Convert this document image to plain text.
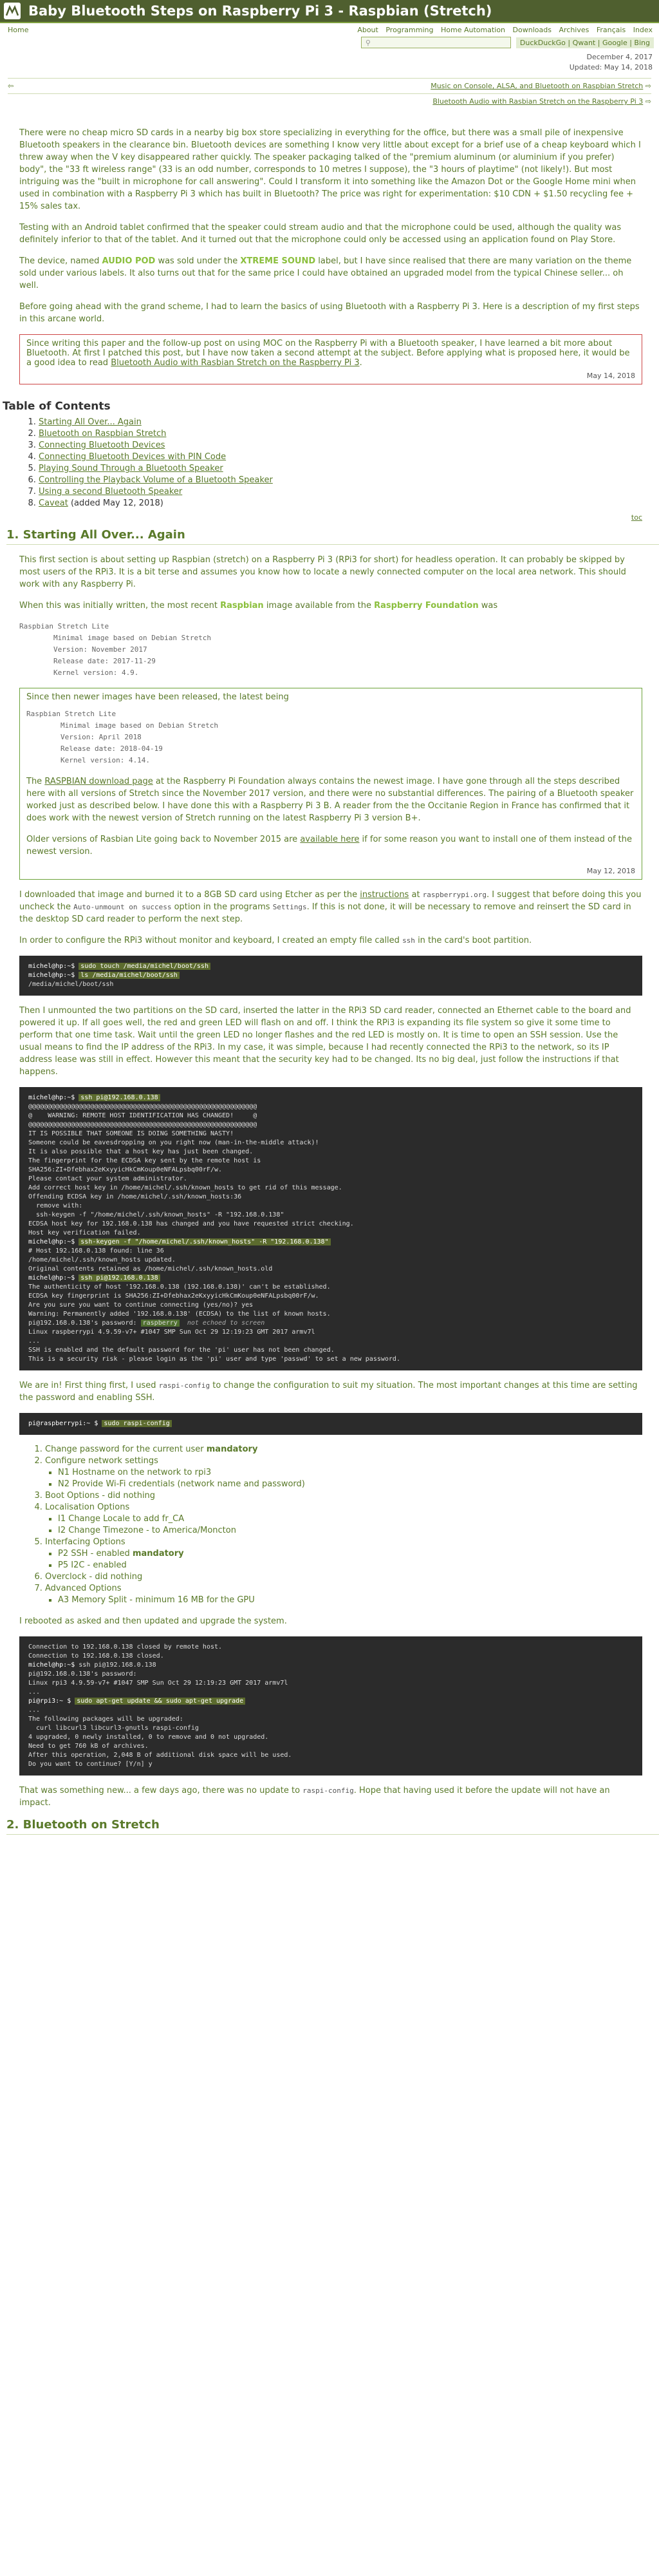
Baby Bluetooth Steps on Raspberry Pi 3 - Raspbian (Stretch)
Home	About Programming Home Automation Downloads Archives Français Index
⚲	DuckDuckGo | Qwant | Google | Bing
December 4, 2017
Updated: May 14, 2018
⇦	Music on Console, ALSA, and Bluetooth on Raspbian Stretch ⇨
Bluetooth Audio with Rasbian Stretch on the Raspberry Pi 3 ⇨

There were no cheap micro SD cards in a nearby big box store specializing in everything for the office, but there was a small pile of inexpensive Bluetooth speakers in the clearance bin. Bluetooth devices are something I know very little about except for a brief use of a cheap keyboard which I threw away when the V key disappeared rather quickly. The speaker packaging talked of the "premium aluminum (or aluminium if you prefer) body", the "33 ft wireless range" (33 is an odd number, corresponds to 10 metres I suppose), the "3 hours of playtime" (not likely!). But most intriguing was the "built in microphone for call answering". Could I transform it into something like the Amazon Dot or the Google Home mini when used in combination with a Raspberry Pi 3 which has built in Bluetooth? The price was right for experimentation: $10 CDN + $1.50 recycling fee + 15% sales tax.

Testing with an Android tablet confirmed that the speaker could stream audio and that the microphone could be used, although the quality was definitely inferior to that of the tablet. And it turned out that the microphone could only be accessed using an application found on Play Store.

The device, named AUDIO POD was sold under the XTREME SOUND label, but I have since realised that there are many variation on the theme sold under various labels. It also turns out that for the same price I could have obtained an upgraded model from the typical Chinese seller... oh well.

Before going ahead with the grand scheme, I had to learn the basics of using Bluetooth with a Raspberry Pi 3. Here is a description of my first steps in this arcane world.

Since writing this paper and the follow-up post on using MOC on the Raspberry Pi with a Bluetooth speaker, I have learned a bit more about Bluetooth. At first I patched this post, but I have now taken a second attempt at the subject. Before applying what is proposed here, it would be a good idea to read Bluetooth Audio with Rasbian Stretch on the Raspberry Pi 3.
May 14, 2018
Table of Contents
1. Starting All Over... Again
2. Bluetooth on Raspbian Stretch
3. Connecting Bluetooth Devices
4. Connecting Bluetooth Devices with PIN Code
5. Playing Sound Through a Bluetooth Speaker
6. Controlling the Playback Volume of a Bluetooth Speaker
7. Using a second Bluetooth Speaker
8. Caveat (added May 12, 2018)
toc
1. Starting All Over... Again

This first section is about setting up Raspbian (stretch) on a Raspberry Pi 3 (RPi3 for short) for headless operation. It can probably be skipped by most users of the RPi3. It is a bit terse and assumes you know how to locate a newly connected computer on the local area network. This should work with any Raspberry Pi.

When this was initially written, the most recent Raspbian image available from the Raspberry Foundation was

Raspbian Stretch Lite
Minimal image based on Debian Stretch
Version: November 2017
Release date: 2017-11-29
Kernel version: 4.9.
Since then newer images have been released, the latest being
Raspbian Stretch Lite
Minimal image based on Debian Stretch
Version: April 2018
Release date: 2018-04-19
Kernel version: 4.14.

The RASPBIAN download page at the Raspberry Pi Foundation always contains the newest image. I have gone through all the steps described here with all versions of Stretch since the November 2017 version, and there were no substantial differences. The pairing of a Bluetooth speaker worked just as described below. I have done this with a Raspberry Pi 3 B. A reader from the the Occitanie Region in France has confirmed that it does work with the newest version of Stretch running on the latest Raspberry Pi 3 version B+.

Older versions of Rasbian Lite going back to November 2015 are available here if for some reason you want to install one of them instead of the newest version.

May 12, 2018

I downloaded that image and burned it to a 8GB SD card using Etcher as per the instructions at raspberrypi.org. I suggest that before doing this you uncheck the Auto-unmount on success option in the programs Settings. If this is not done, it will be necessary to remove and reinsert the SD card in the desktop SD card reader to perform the next step.

In order to configure the RPi3 without monitor and keyboard, I created an empty file called ssh in the card's boot partition.

michel@hp:~$ sudo touch /media/michel/boot/ssh
michel@hp:~$ ls /media/michel/boot/ssh
/media/michel/boot/ssh

Then I unmounted the two partitions on the SD card, inserted the latter in the RPi3 SD card reader, connected an Ethernet cable to the board and powered it up. If all goes well, the red and green LED will flash on and off. I think the RPi3 is expanding its file system so give it some time to perform that one time task. Wait until the green LED no longer flashes and the red LED is mostly on. It is time to open an SSH session. Use the usual means to find the IP address of the RPi3. In my case, it was simple, because I had recently connected the RPi3 to the network, so its IP address lease was still in effect. However this meant that the security key had to be changed. Its no big deal, just follow the instructions if that happens.

michel@hp:~$ ssh pi@192.168.0.138
@@@@@@@@@@@@@@@@@@@@@@@@@@@@@@@@@@@@@@@@@@@@@@@@@@@@@@@@@@@
@    WARNING: REMOTE HOST IDENTIFICATION HAS CHANGED!     @
@@@@@@@@@@@@@@@@@@@@@@@@@@@@@@@@@@@@@@@@@@@@@@@@@@@@@@@@@@@
IT IS POSSIBLE THAT SOMEONE IS DOING SOMETHING NASTY!
Someone could be eavesdropping on you right now (man-in-the-middle attack)!
It is also possible that a host key has just been changed.
The fingerprint for the ECDSA key sent by the remote host is
SHA256:ZI+Dfebhax2eKxyyicHkCmKoup0eNFALpsbq00rF/w.
Please contact your system administrator.
Add correct host key in /home/michel/.ssh/known_hosts to get rid of this message.
Offending ECDSA key in /home/michel/.ssh/known_hosts:36
remove with:
ssh-keygen -f "/home/michel/.ssh/known_hosts" -R "192.168.0.138"
ECDSA host key for 192.168.0.138 has changed and you have requested strict checking.
Host key verification failed.
michel@hp:~$ ssh-keygen -f "/home/michel/.ssh/known_hosts" -R "192.168.0.138"
# Host 192.168.0.138 found: line 36
/home/michel/.ssh/known_hosts updated.
Original contents retained as /home/michel/.ssh/known_hosts.old
michel@hp:~$ ssh pi@192.168.0.138
The authenticity of host '192.168.0.138 (192.168.0.138)' can't be established.
ECDSA key fingerprint is SHA256:ZI+Dfebhax2eKxyyicHkCmKoup0eNFALpsbq00rF/w.
Are you sure you want to continue connecting (yes/no)? yes
Warning: Permanently added '192.168.0.138' (ECDSA) to the list of known hosts.
pi@192.168.0.138's password: raspberry  not echoed to screen
Linux raspberrypi 4.9.59-v7+ #1047 SMP Sun Oct 29 12:19:23 GMT 2017 armv7l
...
SSH is enabled and the default password for the 'pi' user has not been changed.
This is a security risk - please login as the 'pi' user and type 'passwd' to set a new password.

We are in! First thing first, I used raspi-config to change the configuration to suit my situation. The most important changes at this time are setting the password and enabling SSH.

pi@raspberrypi:~ $ sudo raspi-config
1. Change password for the current user mandatory
2. Configure network settings
▪ N1 Hostname on the network to rpi3
▪ N2 Provide Wi-Fi credentials (network name and password)
3. Boot Options - did nothing
4. Localisation Options
▪ I1 Change Locale to add fr_CA
▪ I2 Change Timezone - to America/Moncton
5. Interfacing Options
▪ P2 SSH - enabled mandatory
▪ P5 I2C - enabled
6. Overclock - did nothing
7. Advanced Options
▪ A3 Memory Split - minimum 16 MB for the GPU

I rebooted as asked and then updated and upgrade the system.

Connection to 192.168.0.138 closed by remote host.
Connection to 192.168.0.138 closed.
michel@hp:~$ ssh pi@192.168.0.138
pi@192.168.0.138's password:
Linux rpi3 4.9.59-v7+ #1047 SMP Sun Oct 29 12:19:23 GMT 2017 armv7l
...
pi@rpi3:~ $ sudo apt-get update && sudo apt-get upgrade
...
The following packages will be upgraded:
curl libcurl3 libcurl3-gnutls raspi-config
4 upgraded, 0 newly installed, 0 to remove and 0 not upgraded.
Need to get 760 kB of archives.
After this operation, 2,048 B of additional disk space will be used.
Do you want to continue? [Y/n] y

That was something new... a few days ago, there was no update to raspi-config. Hope that having used it before the update will not have an impact.

2. Bluetooth on Stretch
